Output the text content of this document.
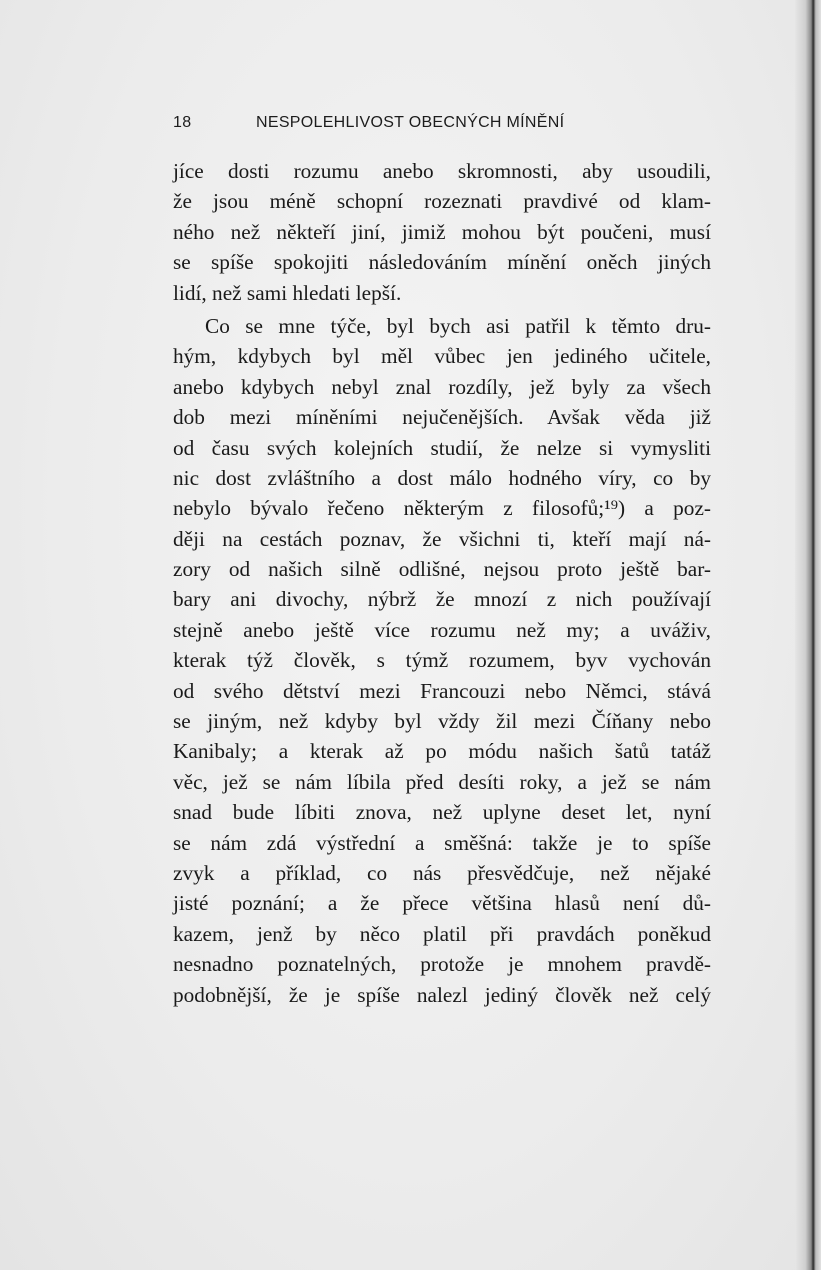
18	NESPOLEHLIVOST OBECNÝCH MÍNĚNÍ
jíce dosti rozumu anebo skromnosti, aby usoudili,
že jsou méně schopní rozeznati pravdivé od klam-
ného než někteří jiní, jimiž mohou být poučeni, musí
se spíše spokojiti následováním mínění oněch jiných
lidí, než sami hledati lepší.
Co se mne týče, byl bych asi patřil k těmto dru-
hým, kdybych byl měl vůbec jen jediného učitele,
anebo kdybych nebyl znal rozdíly, jež byly za všech
dob mezi míněními nejučenějších. Avšak věda již
od času svých kolejních studií, že nelze si vymysliti
nic dost zvláštního a dost málo hodného víry, co by
nebylo bývalo řečeno některým z filosofů;¹⁹) a poz-
ději na cestách poznav, že všichni ti, kteří mají ná-
zory od našich silně odlišné, nejsou proto ještě bar-
bary ani divochy, nýbrž že mnozí z nich používají
stejně anebo ještě více rozumu než my; a uváživ,
kterak týž člověk, s týmž rozumem, byv vychován
od svého dětství mezi Francouzi nebo Němci, stává
se jiným, než kdyby byl vždy žil mezi Číňany nebo
Kanibaly; a kterak až po módu našich šatů tatáž
věc, jež se nám líbila před desíti roky, a jež se nám
snad bude líbiti znova, než uplyne deset let, nyní
se nám zdá výstřední a směšná: takže je to spíše
zvyk a příklad, co nás přesvědčuje, než nějaké
jisté poznání; a že přece většina hlasů není dů-
kazem, jenž by něco platil při pravdách poněkud
nesnadno poznatelných, protože je mnohem pravdě-
podobnější, že je spíše nalezl jediný člověk než celý
